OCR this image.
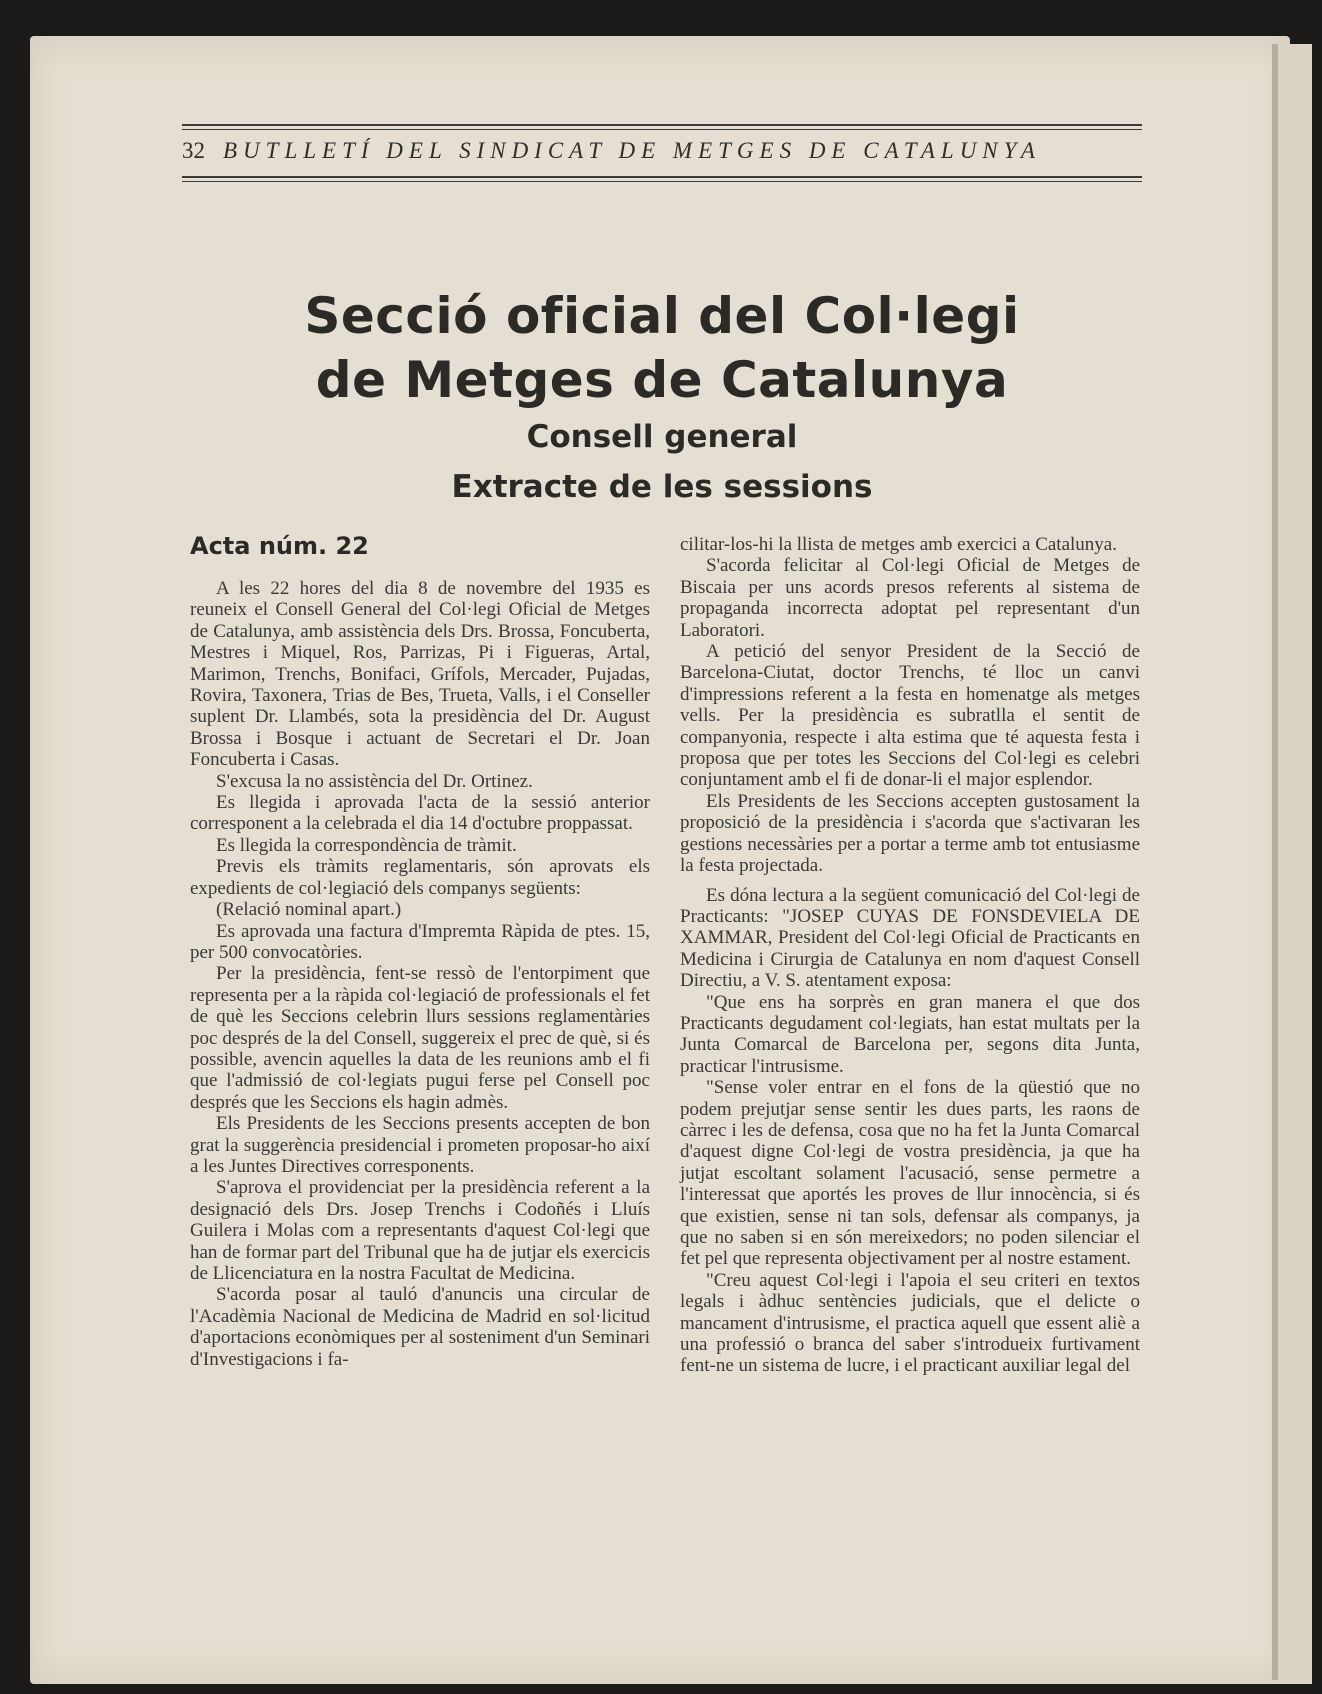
32 BUTLLETÍ DEL SINDICAT DE METGES DE CATALUNYA
Secció oficial del Col·legi
de Metges de Catalunya
Consell general
Extracte de les sessions
Acta núm. 22

A les 22 hores del dia 8 de novembre del 1935 es reuneix el Consell General del Col·legi Oficial de Metges de Catalunya, amb assistència dels Drs. Brossa, Foncuberta, Mestres i Miquel, Ros, Parrizas, Pi i Figueras, Artal, Marimon, Trenchs, Bonifaci, Grífols, Mercader, Pujadas, Rovira, Taxonera, Trias de Bes, Trueta, Valls, i el Conseller suplent Dr. Llambés, sota la presidència del Dr. August Brossa i Bosque i actuant de Secretari el Dr. Joan Foncuberta i Casas.

S'excusa la no assistència del Dr. Ortinez.

Es llegida i aprovada l'acta de la sessió anterior corresponent a la celebrada el dia 14 d'octubre proppassat.

Es llegida la correspondència de tràmit.

Previs els tràmits reglamentaris, són aprovats els expedients de col·legiació dels companys següents:

(Relació nominal apart.)

Es aprovada una factura d'Impremta Ràpida de ptes. 15, per 500 convocatòries.

Per la presidència, fent-se ressò de l'entorpiment que representa per a la ràpida col·legiació de professionals el fet de què les Seccions celebrin llurs sessions reglamentàries poc després de la del Consell, suggereix el prec de què, si és possible, avencin aquelles la data de les reunions amb el fi que l'admissió de col·legiats pugui ferse pel Consell poc després que les Seccions els hagin admès.

Els Presidents de les Seccions presents accepten de bon grat la suggerència presidencial i prometen proposar-ho així a les Juntes Directives corresponents.

S'aprova el providenciat per la presidència referent a la designació dels Drs. Josep Trenchs i Codoñés i Lluís Guilera i Molas com a representants d'aquest Col·legi que han de formar part del Tribunal que ha de jutjar els exercicis de Llicenciatura en la nostra Facultat de Medicina.

S'acorda posar al tauló d'anuncis una circular de l'Acadèmia Nacional de Medicina de Madrid en sol·licitud d'aportacions econòmiques per al sosteniment d'un Seminari d'Investigacions i fa-

cilitar-los-hi la llista de metges amb exercici a Catalunya.

S'acorda felicitar al Col·legi Oficial de Metges de Biscaia per uns acords presos referents al sistema de propaganda incorrecta adoptat pel representant d'un Laboratori.

A petició del senyor President de la Secció de Barcelona-Ciutat, doctor Trenchs, té lloc un canvi d'impressions referent a la festa en homenatge als metges vells. Per la presidència es subratlla el sentit de companyonia, respecte i alta estima que té aquesta festa i proposa que per totes les Seccions del Col·legi es celebri conjuntament amb el fi de donar-li el major esplendor.

Els Presidents de les Seccions accepten gustosament la proposició de la presidència i s'acorda que s'activaran les gestions necessàries per a portar a terme amb tot entusiasme la festa projectada.

Es dóna lectura a la següent comunicació del Col·legi de Practicants: "JOSEP CUYAS DE FONSDEVIELA DE XAMMAR, President del Col·legi Oficial de Practicants en Medicina i Cirurgia de Catalunya en nom d'aquest Consell Directiu, a V. S. atentament exposa:

"Que ens ha sorprès en gran manera el que dos Practicants degudament col·legiats, han estat multats per la Junta Comarcal de Barcelona per, segons dita Junta, practicar l'intrusisme.

"Sense voler entrar en el fons de la qüestió que no podem prejutjar sense sentir les dues parts, les raons de càrrec i les de defensa, cosa que no ha fet la Junta Comarcal d'aquest digne Col·legi de vostra presidència, ja que ha jutjat escoltant solament l'acusació, sense permetre a l'interessat que aportés les proves de llur innocència, si és que existien, sense ni tan sols, defensar als companys, ja que no saben si en són mereixedors; no poden silenciar el fet pel que representa objectivament per al nostre estament.

"Creu aquest Col·legi i l'apoia el seu criteri en textos legals i àdhuc sentències judicials, que el delicte o mancament d'intrusisme, el practica aquell que essent aliè a una professió o branca del saber s'introdueix furtivament fent-ne un sistema de lucre, i el practicant auxiliar legal del
